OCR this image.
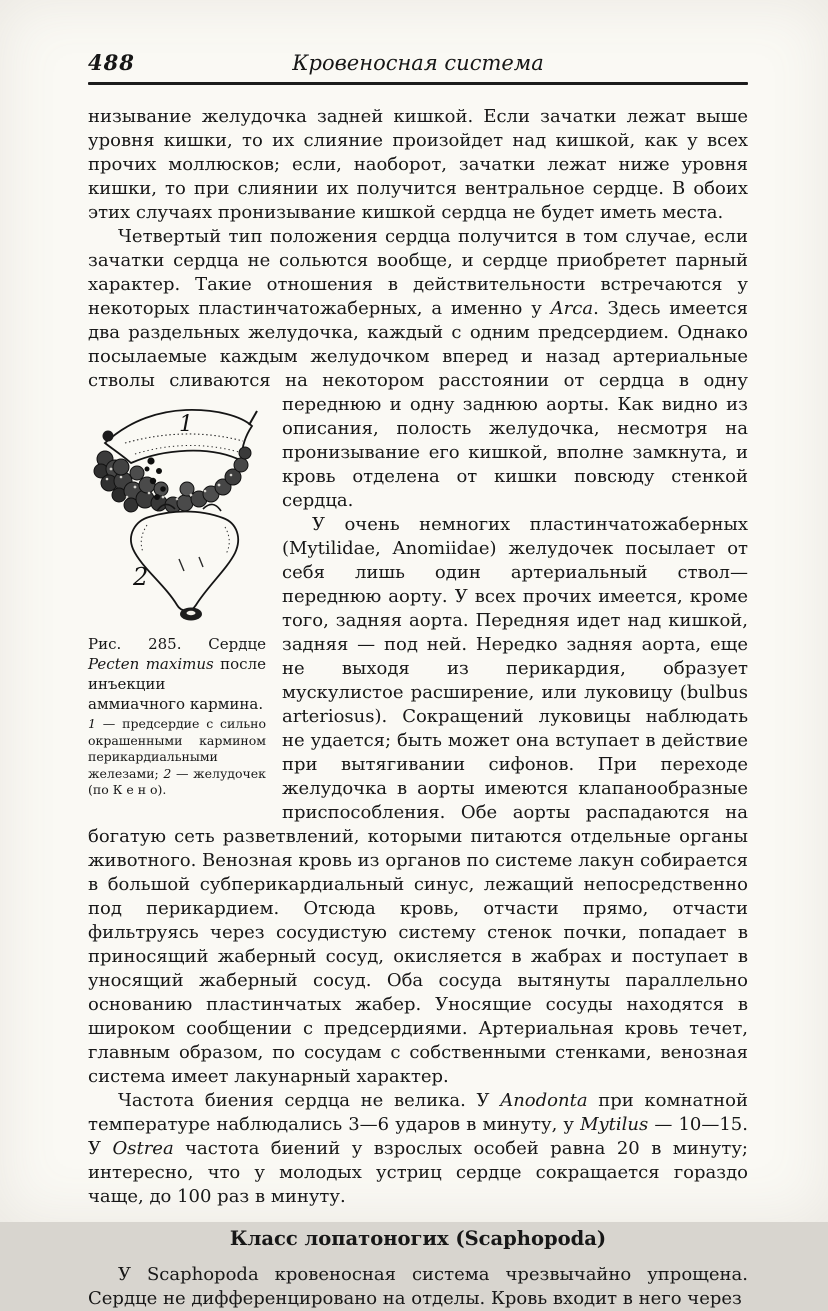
488	Кровеносная система
низывание желудочка задней кишкой. Если зачатки лежат выше уровня кишки, то их слияние произойдет над кишкой, как у всех прочих моллюсков; если, наоборот, зачатки лежат ниже уровня кишки, то при слиянии их получится вентральное сердце. В обоих этих случаях пронизывание кишкой сердца не будет иметь места.
Четвертый тип положения сердца получится в том случае, если зачатки сердца не сольются вообще, и сердце приобретет парный характер. Такие отношения в действительности встречаются у некоторых пластинчатожаберных, а именно у Arca. Здесь имеется два раздельных желудочка, каждый с одним предсердием. Однако посылаемые каждым желудочком вперед и назад артериальные стволы сливаются на некотором расстоянии от сердца в одну переднюю
1
2
Рис. 285. Сердце Pecten maximus после инъекции аммиачного кармина.
1 — предсердие с сильно окрашенными кармином перикардиальными железами; 2 — желудочек (по К е н о).
и одну заднюю аорты. Как видно из описания, полость желудочка, несмотря на пронизывание его кишкой, вполне замкнута, и кровь отделена от кишки повсюду стенкой сердца.
У очень немногих пластинчатожаберных (Mytilidae, Anomiidae) желудочек посылает от себя лишь один артериальный ствол—переднюю аорту. У всех прочих имеется, кроме того, задняя аорта. Передняя идет над кишкой, задняя — под ней. Нередко задняя аорта, еще не выходя из перикардия, образует мускулистое расширение, или луковицу (bulbus arteriosus). Сокращений луковицы наблюдать не удается; быть может она вступает в действие при вытягивании сифонов. При переходе желудочка в аорты имеются клапанообразные приспособления. Обе аорты распадаются на богатую сеть разветвлений, которыми питаются отдельные органы животного. Венозная кровь из органов по системе лакун собирается в большой субперикардиальный синус, лежащий непосредственно под перикардием. Отсюда кровь, отчасти прямо, отчасти фильтруясь через сосудистую систему стенок почки, попадает в приносящий жаберный сосуд, окисляется в жабрах и поступает в уносящий жаберный сосуд. Оба сосуда вытянуты параллельно основанию пластинчатых жабер. Уносящие сосуды находятся в широком сообщении с предсердиями. Артериальная кровь течет, главным образом, по сосудам с собственными стенками, венозная система имеет лакунарный характер.
Частота биения сердца не велика. У Anodonta при комнатной температуре наблюдались 3—6 ударов в минуту, у Mytilus — 10—15. У Ostrea частота биений у взрослых особей равна 20 в минуту; интересно, что у молодых устриц сердце сокращается гораздо чаще, до 100 раз в минуту.
Класс лопатоногих (Scaphopoda)
У Scaphopoda кровеносная система чрезвычайно упрощена. Сердце не дифференцировано на отделы. Кровь входит в него через
